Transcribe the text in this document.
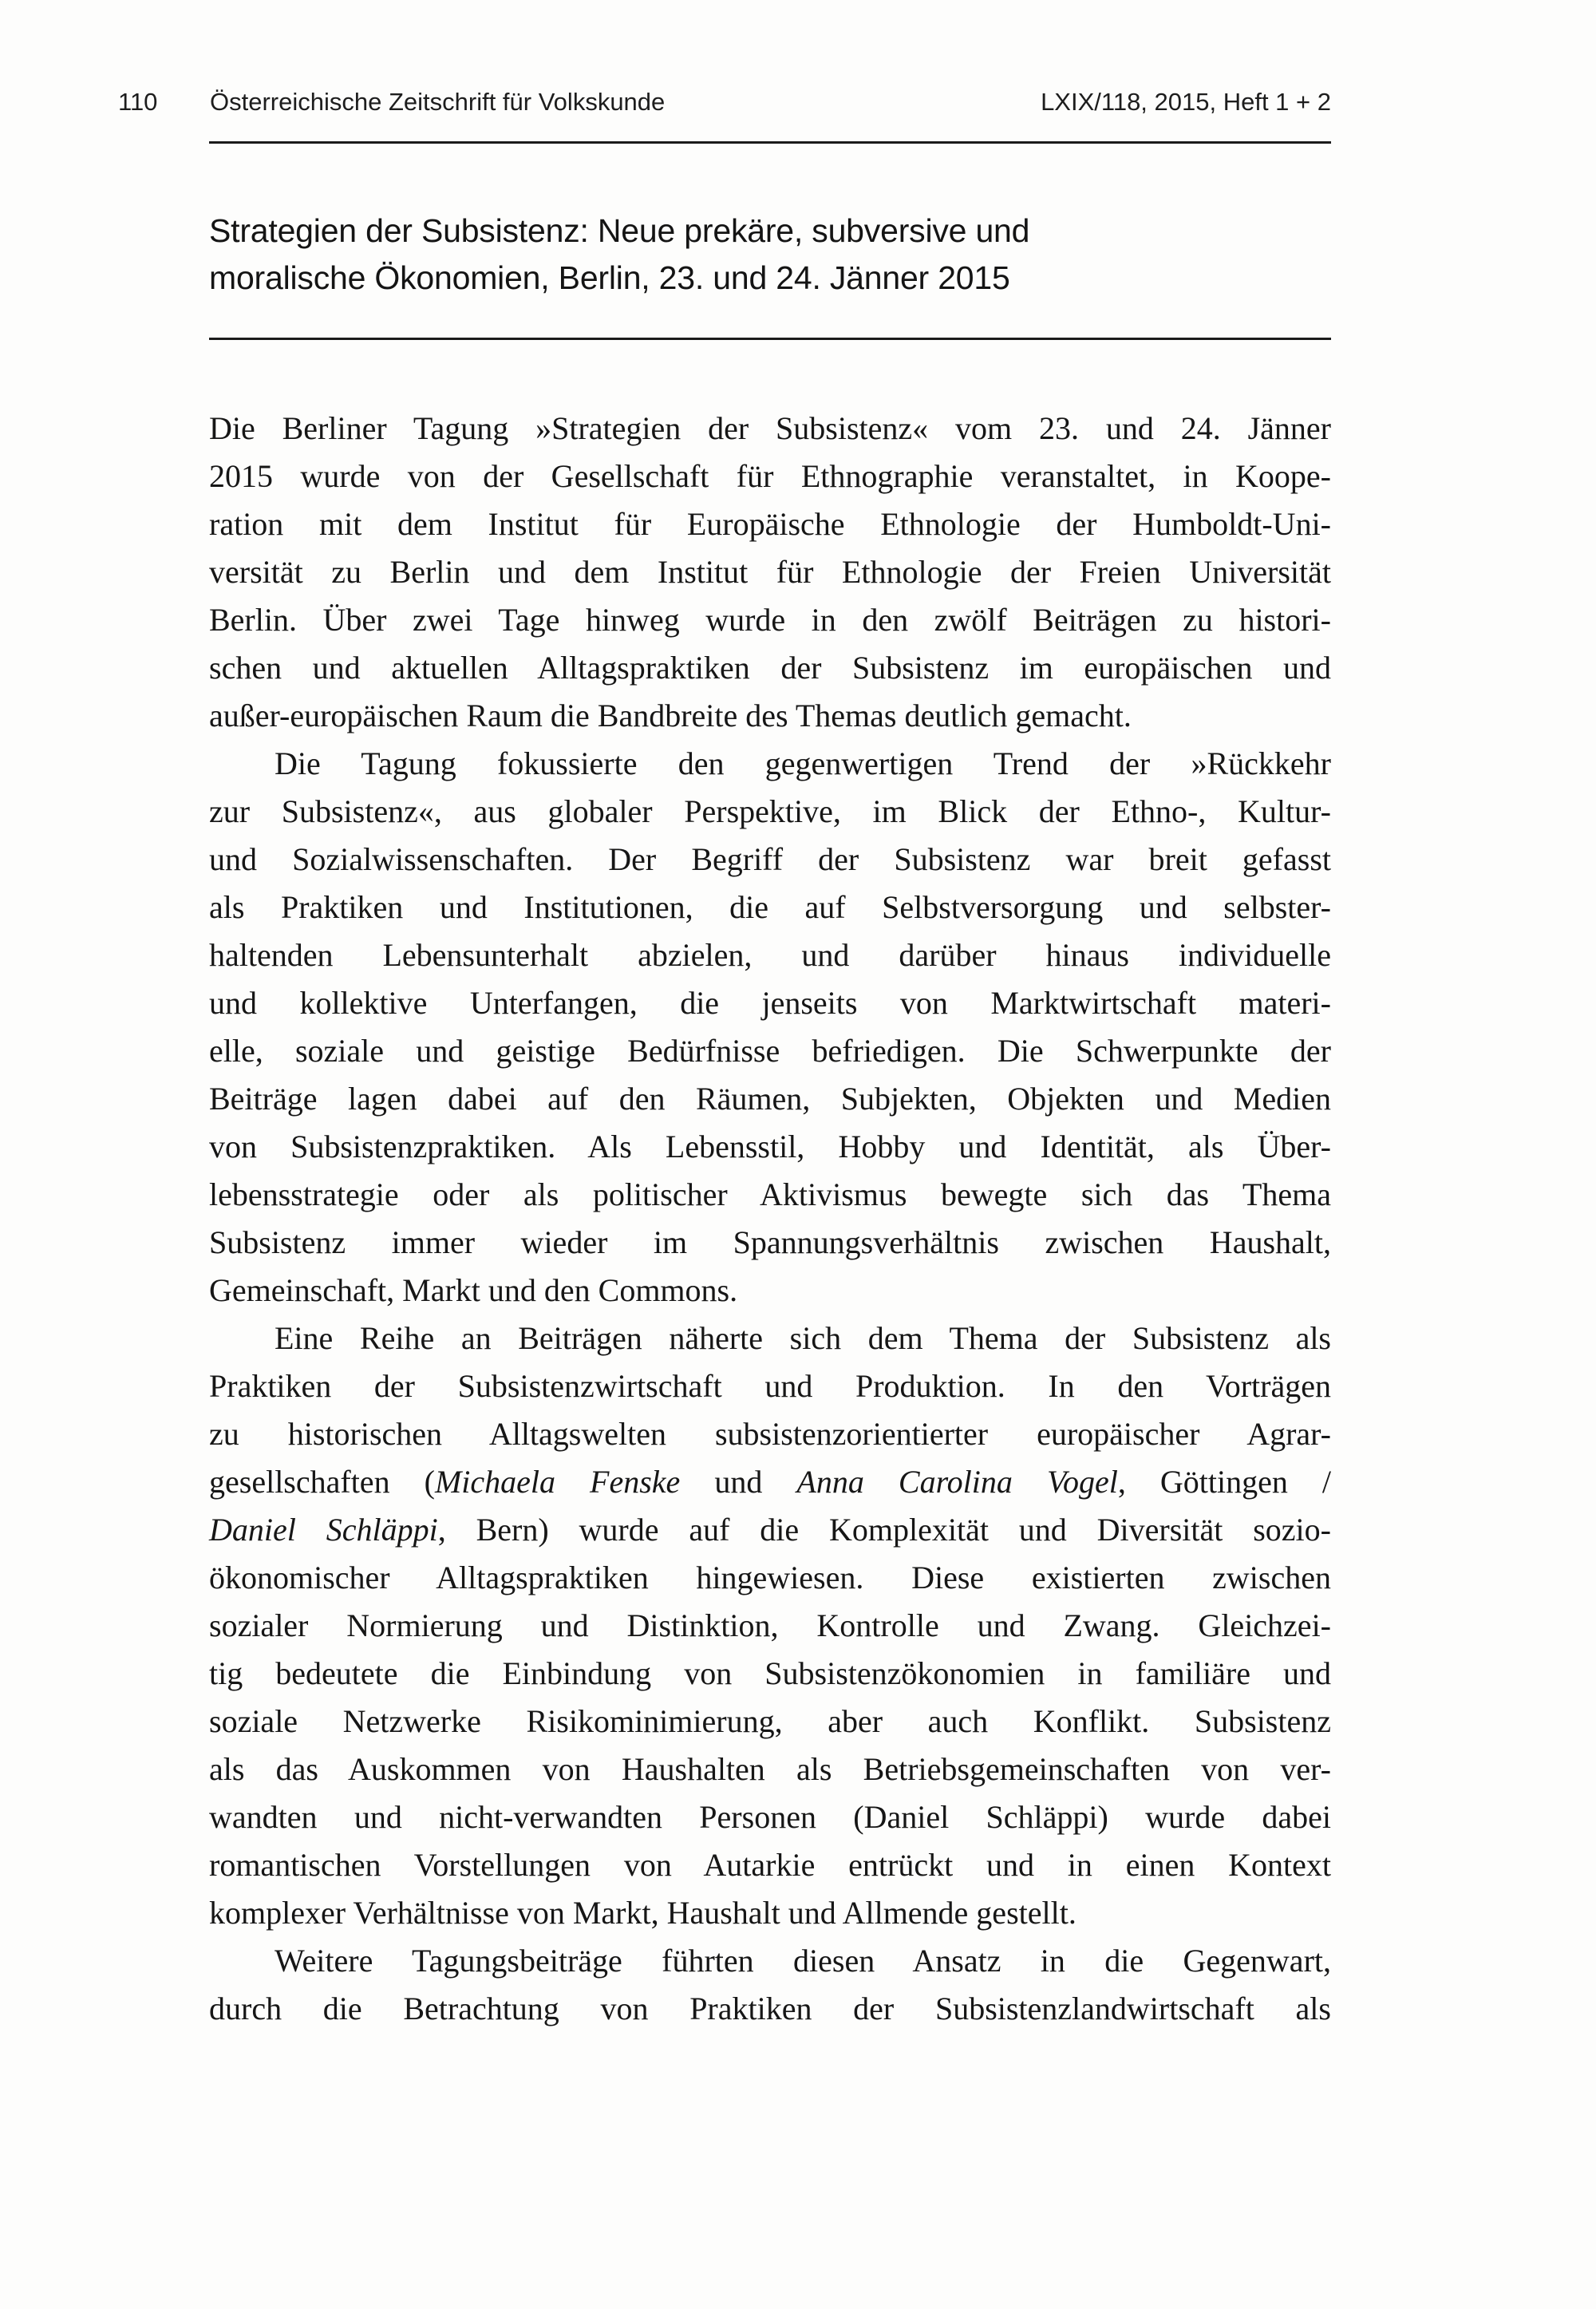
110 Österreichische Zeitschrift für Volkskunde	LXIX/118, 2015, Heft 1 + 2
Strategien der Subsistenz: Neue prekäre, subversive und
moralische Ökonomien, Berlin, 23. und 24. Jänner 2015
Die Berliner Tagung »Strategien der Subsistenz« vom 23. und 24. Jänner
2015 wurde von der Gesellschaft für Ethnographie veranstaltet, in Koope-
ration mit dem Institut für Europäische Ethnologie der Humboldt-Uni-
versität zu Berlin und dem Institut für Ethnologie der Freien Universität
Berlin. Über zwei Tage hinweg wurde in den zwölf Beiträgen zu histori-
schen und aktuellen Alltagspraktiken der Subsistenz im europäischen und
außer-europäischen Raum die Bandbreite des Themas deutlich gemacht.
Die Tagung fokussierte den gegenwertigen Trend der »Rückkehr
zur Subsistenz«, aus globaler Perspektive, im Blick der Ethno-, Kultur-
und Sozialwissenschaften. Der Begriff der Subsistenz war breit gefasst
als Praktiken und Institutionen, die auf Selbstversorgung und selbster-
haltenden Lebensunterhalt abzielen, und darüber hinaus individuelle
und kollektive Unterfangen, die jenseits von Marktwirtschaft materi-
elle, soziale und geistige Bedürfnisse befriedigen. Die Schwerpunkte der
Beiträge lagen dabei auf den Räumen, Subjekten, Objekten und Medien
von Subsistenzpraktiken. Als Lebensstil, Hobby und Identität, als Über-
lebensstrategie oder als politischer Aktivismus bewegte sich das Thema
Subsistenz immer wieder im Spannungsverhältnis zwischen Haushalt,
Gemeinschaft, Markt und den Commons.
Eine Reihe an Beiträgen näherte sich dem Thema der Subsistenz als
Praktiken der Subsistenzwirtschaft und Produktion. In den Vorträgen
zu historischen Alltagswelten subsistenzorientierter europäischer Agrar-
gesellschaften (Michaela Fenske und Anna Carolina Vogel, Göttingen /
Daniel Schläppi, Bern) wurde auf die Komplexität und Diversität sozio-
ökonomischer Alltagspraktiken hingewiesen. Diese existierten zwischen
sozialer Normierung und Distinktion, Kontrolle und Zwang. Gleichzei-
tig bedeutete die Einbindung von Subsistenzökonomien in familiäre und
soziale Netzwerke Risikominimierung, aber auch Konflikt. Subsistenz
als das Auskommen von Haushalten als Betriebsgemeinschaften von ver-
wandten und nicht-verwandten Personen (Daniel Schläppi) wurde dabei
romantischen Vorstellungen von Autarkie entrückt und in einen Kontext
komplexer Verhältnisse von Markt, Haushalt und Allmende gestellt.
Weitere Tagungsbeiträge führten diesen Ansatz in die Gegenwart,
durch die Betrachtung von Praktiken der Subsistenzlandwirtschaft als
